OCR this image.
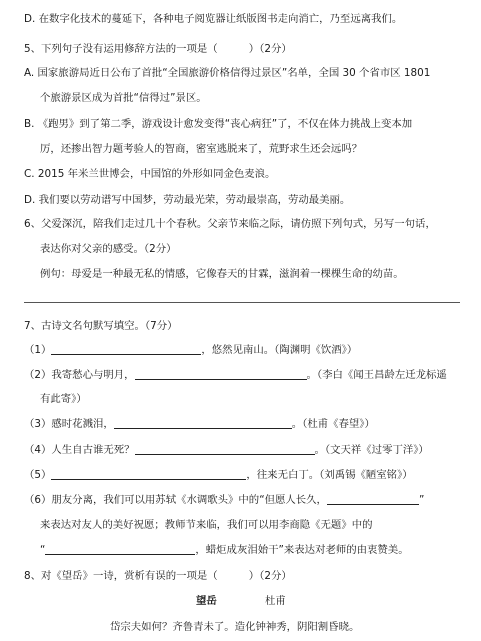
D. 在数字化技术的蔓延下，各种电子阅览器让纸版图书走向消亡，乃至远离我们。
5、下列句子没有运用修辞方法的一项是（　　　）（2分）
A. 国家旅游局近日公布了首批“全国旅游价格信得过景区”名单，全国 30 个省市区 1801
个旅游景区成为首批“信得过”景区。
B. 《跑男》到了第二季，游戏设计愈发变得“丧心病狂”了，不仅在体力挑战上变本加
厉，还掺出智力题考验人的智商，密室逃脱来了，荒野求生还会远吗？
C. 2015 年米兰世博会，中国馆的外形如同金色麦浪。
D. 我们要以劳动谱写中国梦，劳动最光荣，劳动最崇高，劳动最美丽。
6、父爱深沉，陪我们走过几十个春秋。父亲节来临之际，请仿照下列句式，另写一句话，
表达你对父亲的感受。（2分）
例句：母爱是一种最无私的情感，它像春天的甘霖，滋润着一棵棵生命的幼苗。
7、古诗文名句默写填空。（7分）
（1）	，悠然见南山。（陶渊明《饮酒》）
（2）我寄愁心与明月，	。（李白《闻王昌龄左迁龙标遥
有此寄》）
（3）感时花溅泪，	。（杜甫《春望》）
（4）人生自古谁无死？	。（文天祥《过零丁洋》）
（5）	，往来无白丁。（刘禹锡《陋室铭》）
（6）朋友分离，我们可以用苏轼《水调歌头》中的“但愿人长久，	”
来表达对友人的美好祝愿；教师节来临，我们可以用李商隐《无题》中的
“	，蜡炬成灰泪始干”来表达对老师的由衷赞美。
8、对《望岳》一诗，赏析有误的一项是（　　　）（2分）
望岳	杜甫
岱宗夫如何？齐鲁青未了。造化钟神秀，阴阳割昏晓。
